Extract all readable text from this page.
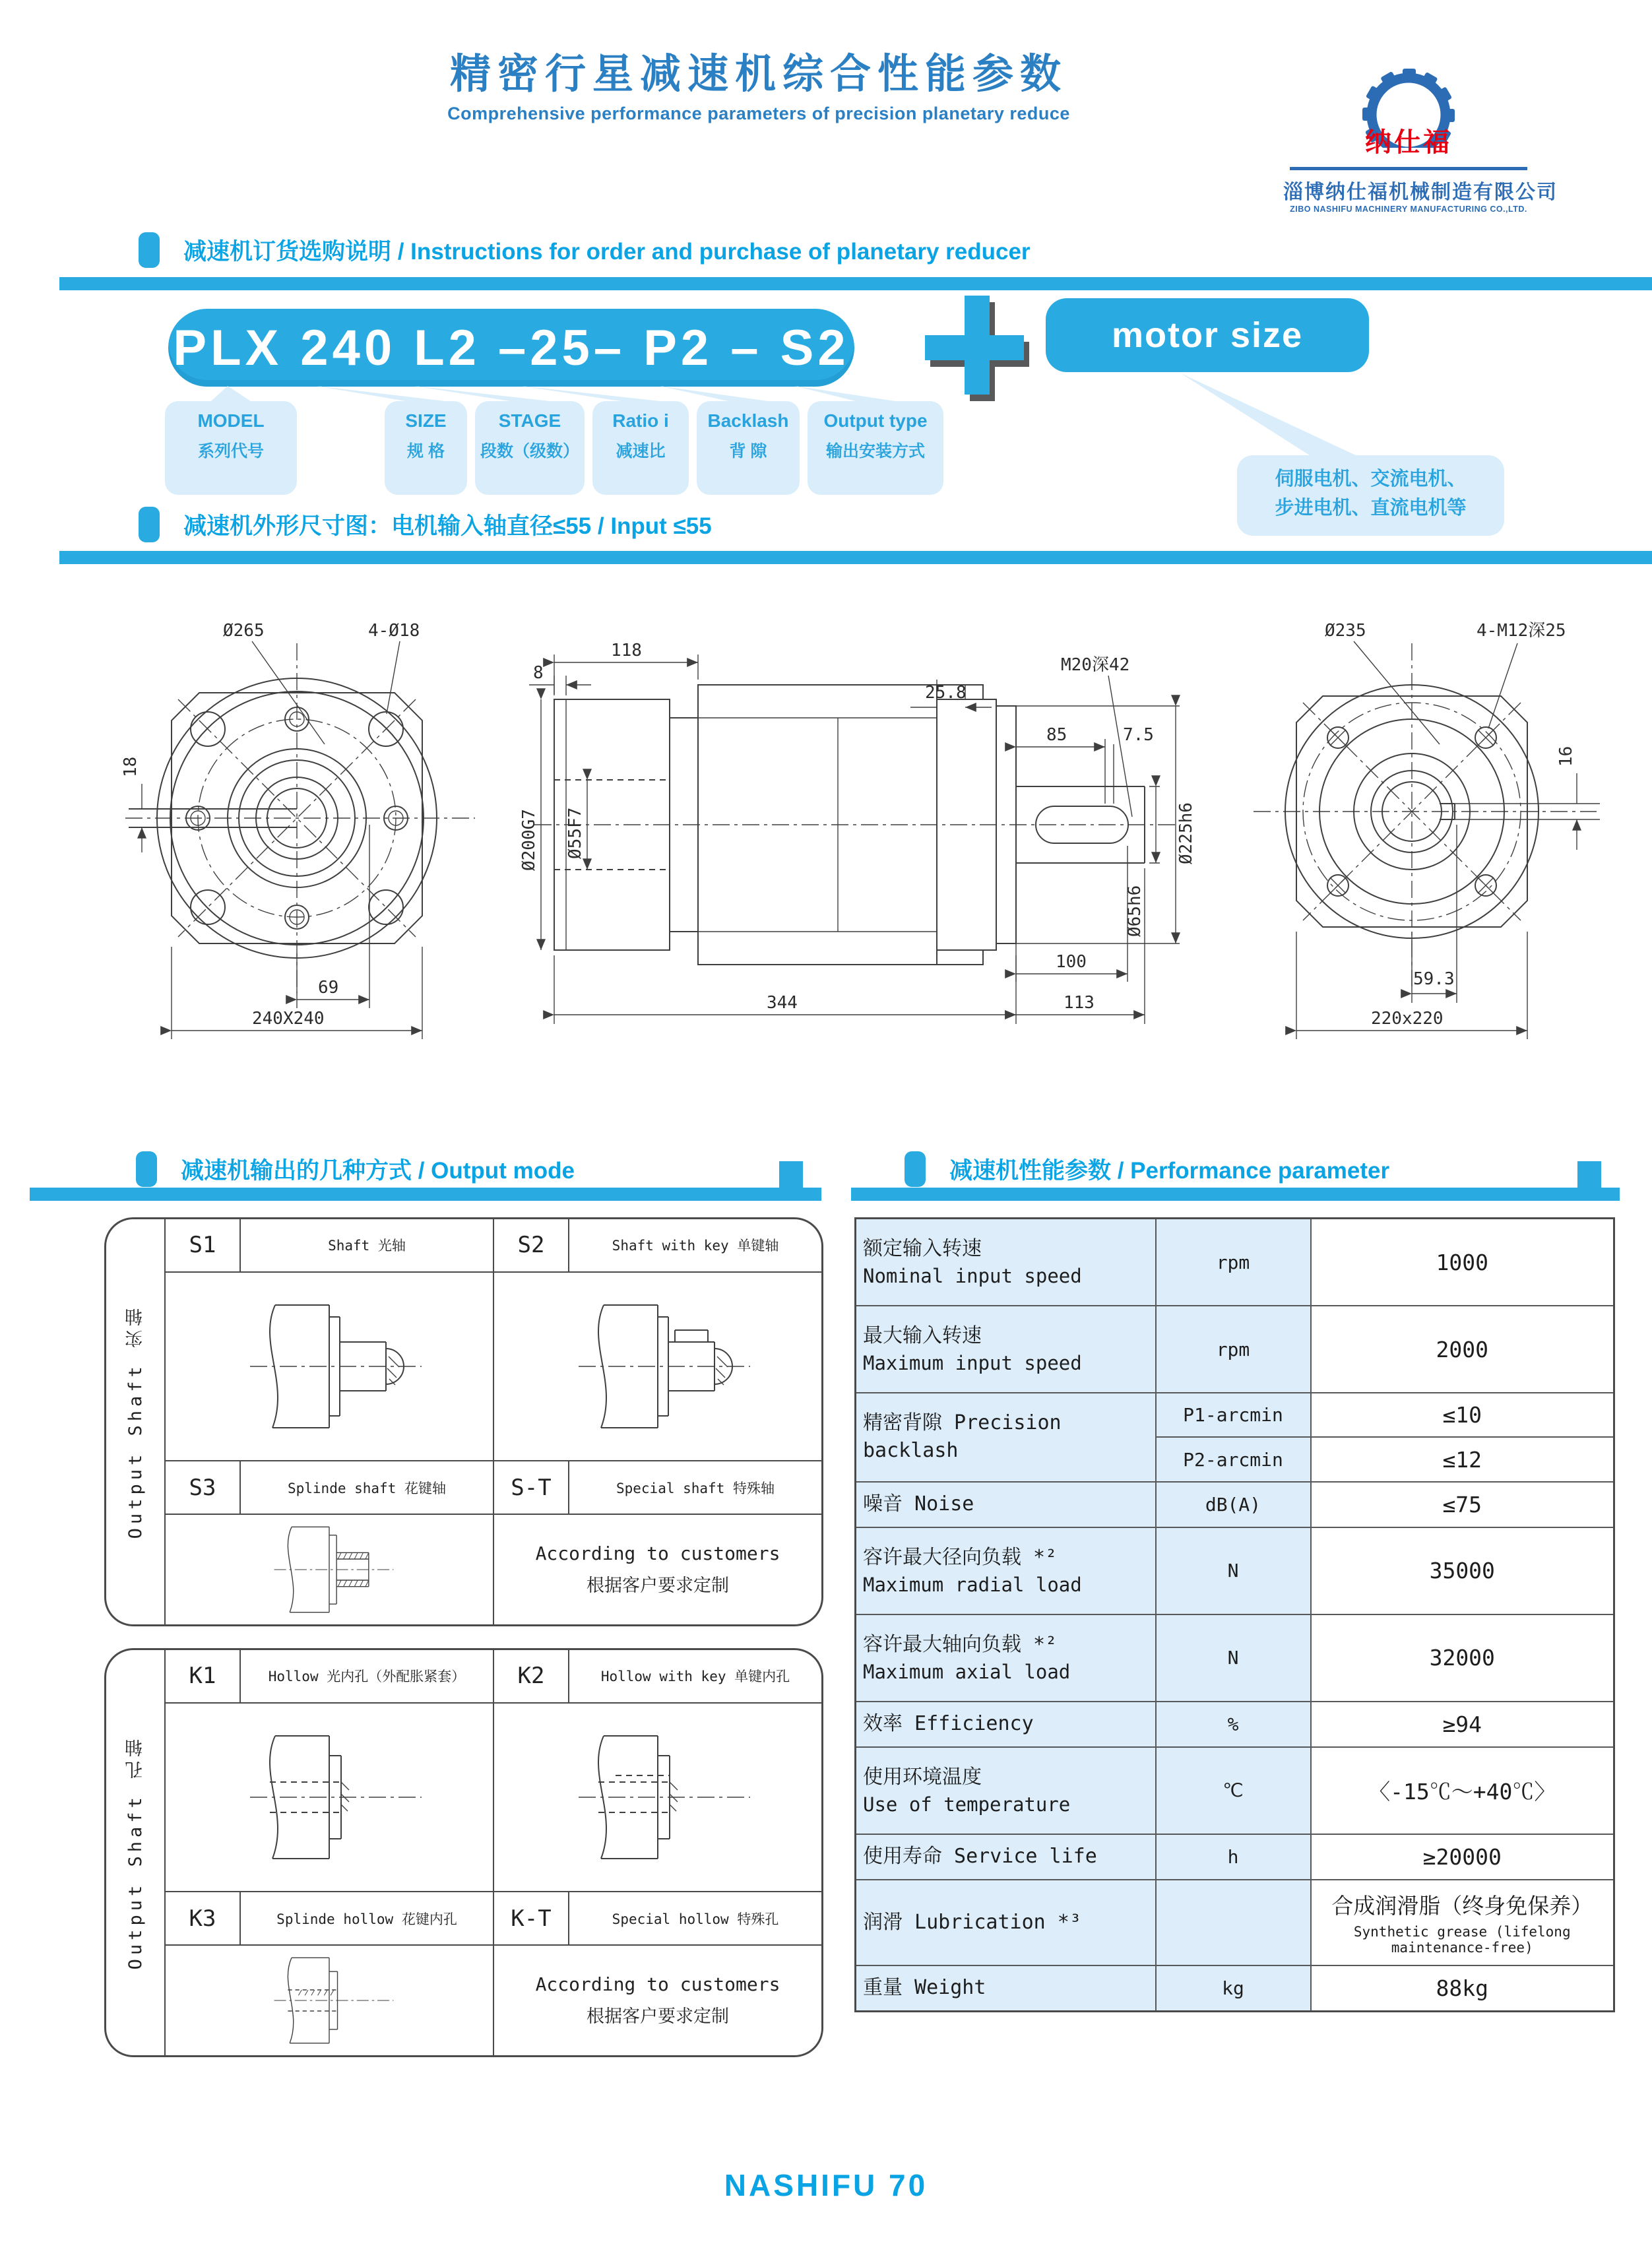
精密行星减速机综合性能参数
Comprehensive performance parameters of precision planetary reduce
纳仕福
淄博纳仕福机械制造有限公司
ZIBO NASHIFU MACHINERY MANUFACTURING CO.,LTD.
减速机订货选购说明 / Instructions for order and purchase of planetary reducer
PLX 240 L2 –25– P2 – S2	motor size
MODEL
系列代号
SIZE
规 格
STAGE
段数（级数）
Ratio i
减速比
Backlash
背 隙
Output type
输出安装方式
伺服电机、交流电机、
步进电机、直流电机等
减速机外形尺寸图：电机输入轴直径≤55 / Input ≤55
18
Ø265	4-Ø18
69
240X240
M20深42
118
8
25.8
85	7.5
Ø200G7 Ø55F7	Ø225h6
Ø65h6
100
344	113
Ø235	4-M12深25
16
59.3
220x220
减速机输出的几种方式 / Output mode	减速机性能参数 / Performance parameter
Output Shaft 实轴
S1	Shaft 光轴	S2	Shaft with key 单键轴
S3	Splinde shaft 花键轴	S-T	Special shaft 特殊轴
According to customers
根据客户要求定制
Output Shaft 孔轴
K1	Hollow 光内孔（外配胀紧套）	K2	Hollow with key 单键内孔
K3	Splinde hollow 花键内孔	K-T	Special hollow 特殊孔
According to customers
根据客户要求定制
额定输入转速
Nominal input speed	rpm	1000

最大输入转速
Maximum input speed	rpm	2000

精密背隙 Precision backlash	P1-arcmin	≤10
	P2-arcmin	≤12

噪音 Noise	dB(A)	≤75

容许最大径向负载 *²
Maximum radial load	N	35000

容许最大轴向负载 *²
Maximum axial load	N	32000

效率 Efficiency	%	≥94

使用环境温度
Use of temperature	℃	〈-15℃～+40℃〉

使用寿命 Service life	h	≥20000

润滑 Lubrication *³		合成润滑脂（终身免保养）
Synthetic grease (lifelong maintenance-free)

重量 Weight	kg	88kg
NASHIFU 70
